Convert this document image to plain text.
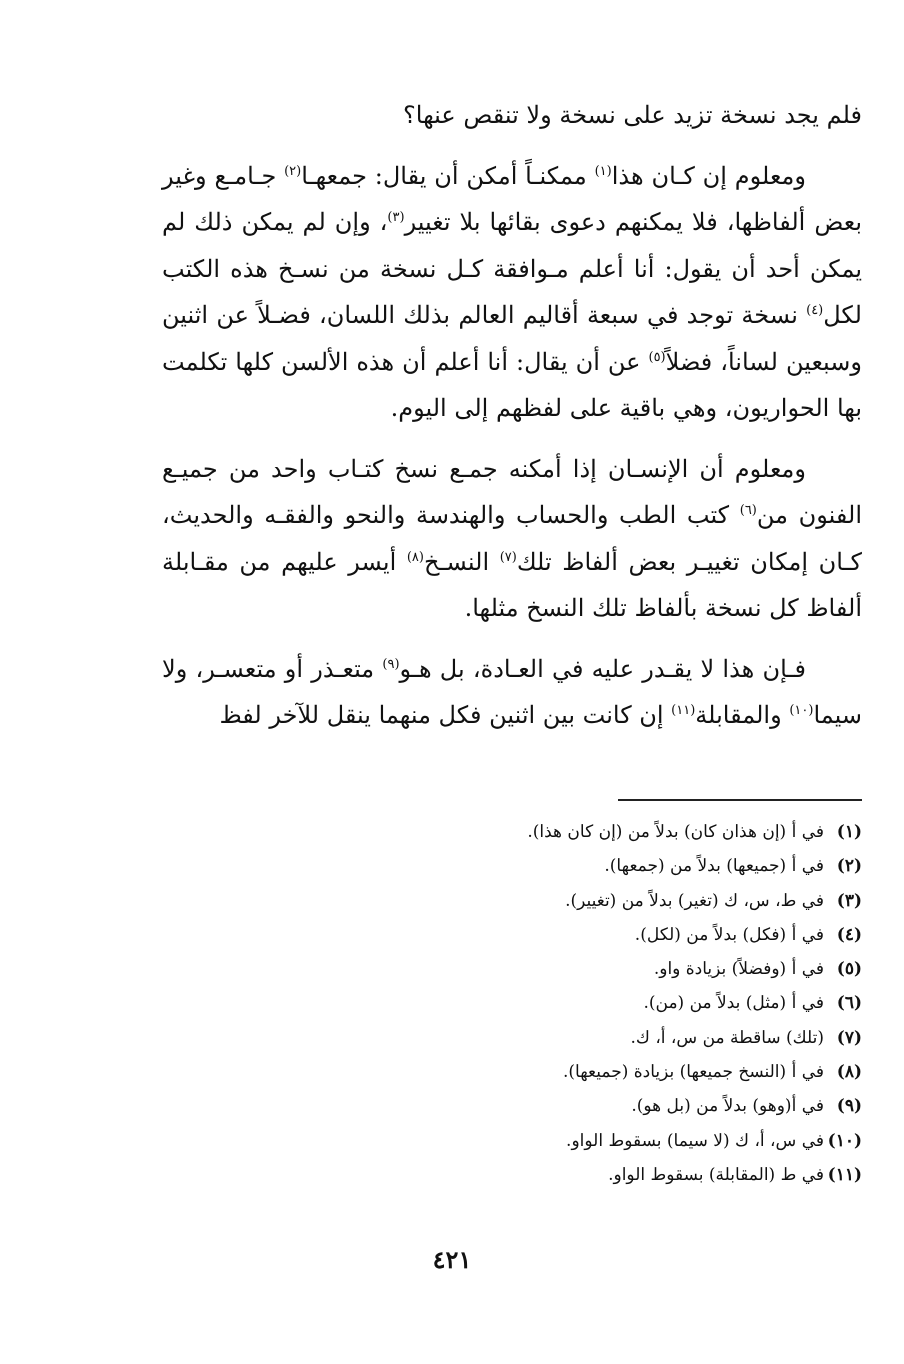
فلم يجد نسخة تزيد على نسخة ولا تنقص عنها؟

ومعلوم إن كـان هذا$^{(١)}$ ممكنـاً أمكن أن يقال: جمعهـا$^{(٢)}$ جـامـع وغير بعض ألفاظها، فلا يمكنهم دعوى بقائها بلا تغيير$^{(٣)}$، وإن لم يمكن ذلك لم يمكن أحد أن يقول: أنا أعلم مـوافقة كـل نسخة من نسـخ هذه الكتب لكل$^{(٤)}$ نسخة توجد في سبعة أقاليم العالم بذلك اللسان، فضـلاً عن اثنين وسبعين لساناً، فضلاً$^{(٥)}$ عن أن يقال: أنا أعلم أن هذه الألسن كلها تكلمت بها الحواريون، وهي باقية على لفظهم إلى اليوم.

ومعلوم أن الإنسـان إذا أمكنه جمـع نسخ كتـاب واحد من جميـع الفنون من$^{(٦)}$ كتب الطب والحساب والهندسة والنحو والفقـه والحديث، كـان إمكان تغييـر بعض ألفاظ تلك$^{(٧)}$ النسـخ$^{(٨)}$ أيسر عليهم من مقـابلة ألفاظ كل نسخة بألفاظ تلك النسخ مثلها.

فـإن هذا لا يقـدر عليه في العـادة، بل هـو$^{(٩)}$ متعـذر أو متعسـر، ولا سيما$^{(١٠)}$ والمقابلة$^{(١١)}$ إن كانت بين اثنين فكل منهما ينقل للآخر لفظ

(١)في أ (إن هذان كان) بدلاً من (إن كان هذا).
(٢)في أ (جميعها) بدلاً من (جمعها).
(٣)في ط، س، ك (تغير) بدلاً من (تغيير).
(٤)في أ (فكل) بدلاً من (لكل).
(٥)في أ (وفضلاً) بزيادة واو.
(٦)في أ (مثل) بدلاً من (من).
(٧)(تلك) ساقطة من س، أ، ك.
(٨)في أ (النسخ جميعها) بزيادة (جميعها).
(٩)في أ(وهو) بدلاً من (بل هو).
(١٠)في س، أ، ك (لا سيما) بسقوط الواو.
(١١)في ط (المقابلة) بسقوط الواو.
٤٢١
